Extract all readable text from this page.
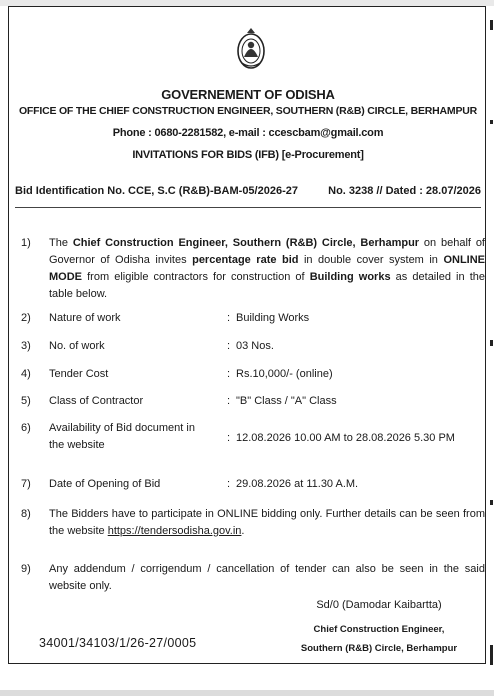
GOVERNEMENT OF ODISHA
OFFICE OF THE CHIEF CONSTRUCTION ENGINEER, SOUTHERN (R&B) CIRCLE, BERHAMPUR
Phone : 0680-2281582, e-mail : ccescbam@gmail.com
INVITATIONS FOR BIDS (IFB) [e-Procurement]
Bid Identification No. CCE, S.C (R&B)-BAM-05/2026-27	No. 3238 // Dated : 28.07/2026
1)	The Chief Construction Engineer, Southern (R&B) Circle, Berhampur on behalf of Governor of Odisha invites percentage rate bid in double cover system in ONLINE MODE from eligible contractors for construction of Building works as detailed in the table below.
2)	Nature of work	: Building Works
3)	No. of work	: 03 Nos.
4)	Tender Cost	: Rs.10,000/- (online)
5)	Class of Contractor	: "B" Class / "A" Class
6)	Availability of Bid document in the website
: 12.08.2026 10.00 AM to 28.08.2026 5.30 PM
7)	Date of Opening of Bid	: 29.08.2026 at 11.30 A.M.
8)	The Bidders have to participate in ONLINE bidding only. Further details can be seen from the website https://tendersodisha.gov.in.
9)	Any addendum / corrigendum / cancellation of tender can also be seen in the said website only.
Sd/0 (Damodar Kaibartta)
Chief Construction Engineer,
Southern (R&B) Circle, Berhampur
34001/34103/1/26-27/0005
